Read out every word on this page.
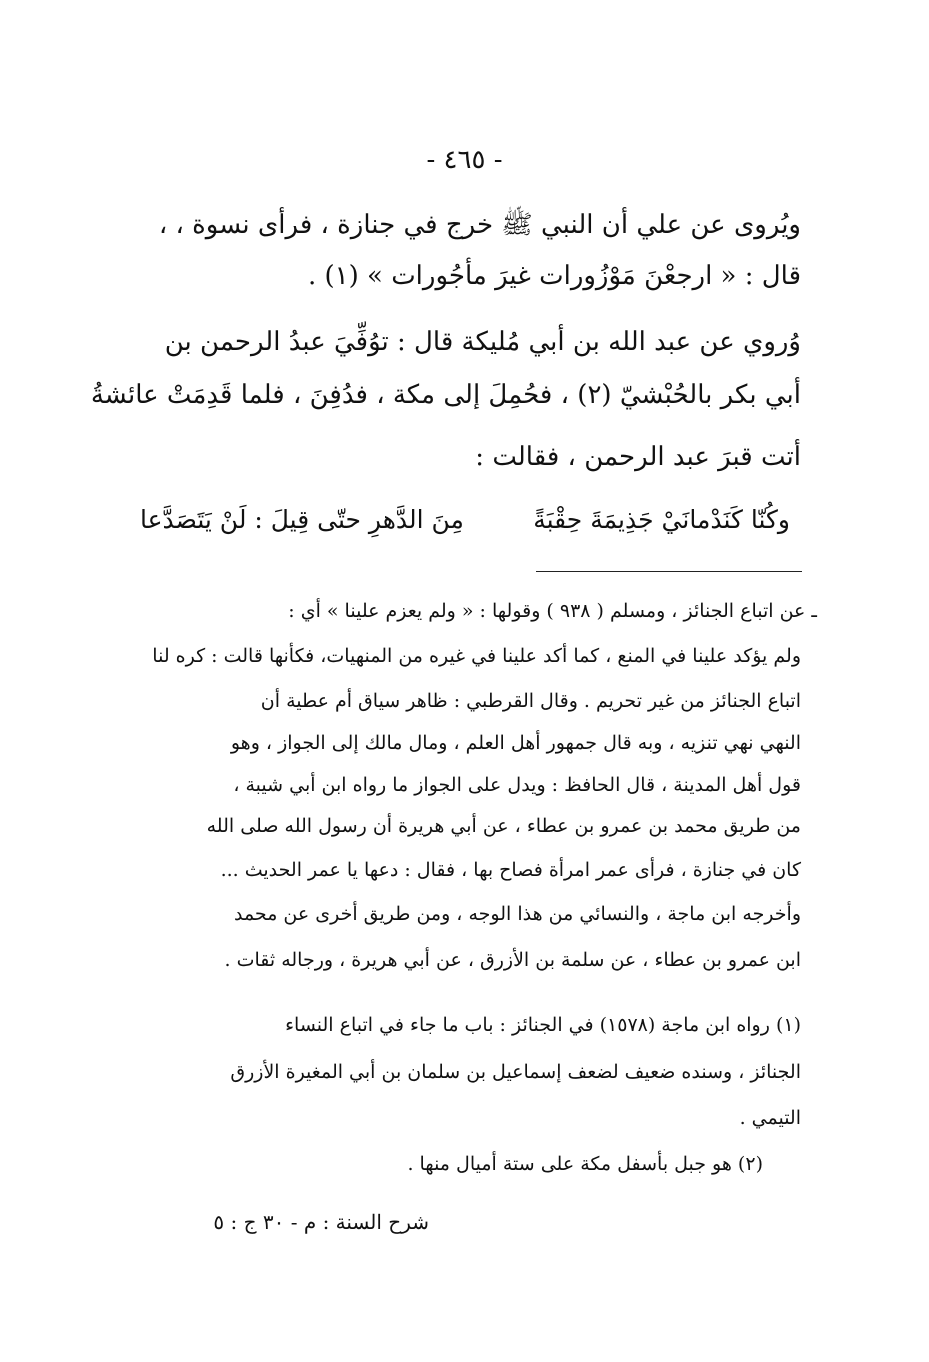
- ٤٦٥ -
ويُروى عن علي أن النبي ﷺ خرج في جنازة ، فرأى نسوة ، ،
قال : « ارجعْنَ مَوْزُورات غيرَ مأجُورات » (١) .
وُروي عن عبد الله بن أبي مُليكة قال : توُفِّيَ عبدُ الرحمن بن
أبي بكر بالحُبْشيّ (٢) ، فحُمِلَ إلى مكة ، فدُفِنَ ، فلما قَدِمَتْ عائشةُ
أتت قبرَ عبد الرحمن ، فقالت :
وكُنّا كَنَدْمانَيْ جَذِيمَةَ حِقْبَةً
مِنَ الدَّهرِ حتّى قِيلَ : لَنْ يَتَصَدَّعا
ـ عن اتباع الجنائز ، ومسلم ( ٩٣٨ ) وقولها : « ولم يعزم علينا » أي :
ولم يؤكد علينا في المنع ، كما أكد علينا في غيره من المنهيات، فكأنها قالت : كره لنا
اتباع الجنائز من غير تحريم . وقال القرطبي : ظاهر سياق أم عطية أن
النهي نهي تنزيه ، وبه قال جمهور أهل العلم ، ومال مالك إلى الجواز ، وهو
قول أهل المدينة ، قال الحافظ : ويدل على الجواز ما رواه ابن أبي شيبة ،
من طريق محمد بن عمرو بن عطاء ، عن أبي هريرة أن رسول الله صلى الله
كان في جنازة ، فرأى عمر امرأة فصاح بها ، فقال : دعها يا عمر الحديث ...
وأخرجه ابن ماجة ، والنسائي من هذا الوجه ، ومن طريق أخرى عن محمد
ابن عمرو بن عطاء ، عن سلمة بن الأزرق ، عن أبي هريرة ، ورجاله ثقات .
(١) رواه ابن ماجة (١٥٧٨) في الجنائز : باب ما جاء في اتباع النساء
الجنائز ، وسنده ضعيف لضعف إسماعيل بن سلمان بن أبي المغيرة الأزرق
التيمي .
(٢) هو جبل بأسفل مكة على ستة أميال منها .
شرح السنة : م - ٣٠ ج : ٥
